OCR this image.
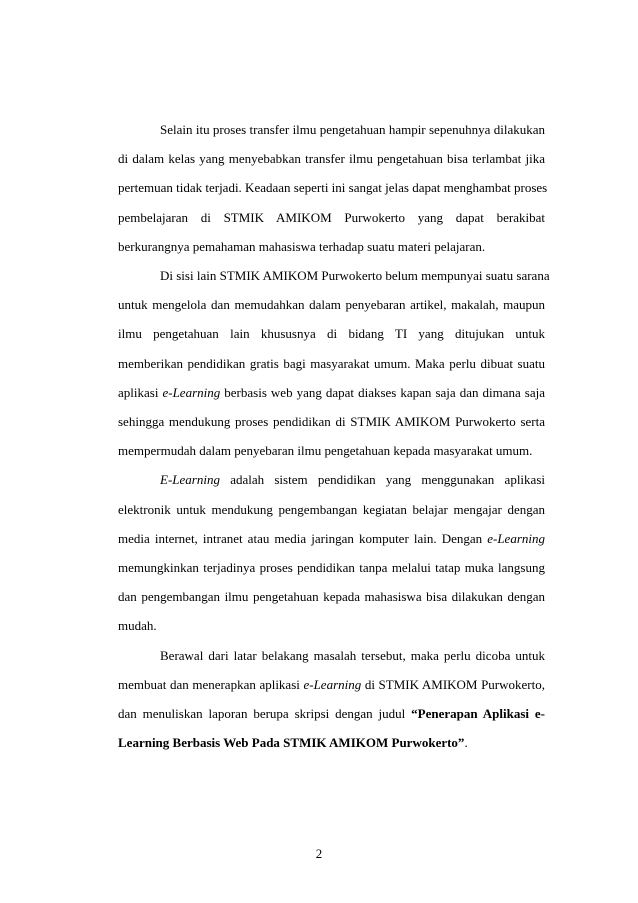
Selain itu proses transfer ilmu pengetahuan hampir sepenuhnya dilakukan
di dalam kelas yang menyebabkan transfer ilmu pengetahuan bisa terlambat jika
pertemuan tidak terjadi. Keadaan seperti ini sangat jelas dapat menghambat proses
pembelajaran di STMIK AMIKOM Purwokerto yang dapat berakibat
berkurangnya pemahaman mahasiswa terhadap suatu materi pelajaran.
Di sisi lain STMIK AMIKOM Purwokerto belum mempunyai suatu sarana
untuk mengelola dan memudahkan dalam penyebaran artikel, makalah, maupun
ilmu pengetahuan lain khususnya di bidang TI yang ditujukan untuk
memberikan pendidikan gratis bagi masyarakat umum. Maka perlu dibuat suatu
aplikasi e-Learning berbasis web yang dapat diakses kapan saja dan dimana saja
sehingga mendukung proses pendidikan di STMIK AMIKOM Purwokerto serta
mempermudah dalam penyebaran ilmu pengetahuan kepada masyarakat umum.
E-Learning adalah sistem pendidikan yang menggunakan aplikasi
elektronik untuk mendukung pengembangan kegiatan belajar mengajar dengan
media internet, intranet atau media jaringan komputer lain. Dengan e-Learning
memungkinkan terjadinya proses pendidikan tanpa melalui tatap muka langsung
dan pengembangan ilmu pengetahuan kepada mahasiswa bisa dilakukan dengan
mudah.
Berawal dari latar belakang masalah tersebut, maka perlu dicoba untuk
membuat dan menerapkan aplikasi e-Learning di STMIK AMIKOM Purwokerto,
dan menuliskan laporan berupa skripsi dengan judul “Penerapan Aplikasi e-
Learning Berbasis Web Pada STMIK AMIKOM Purwokerto”.
2
